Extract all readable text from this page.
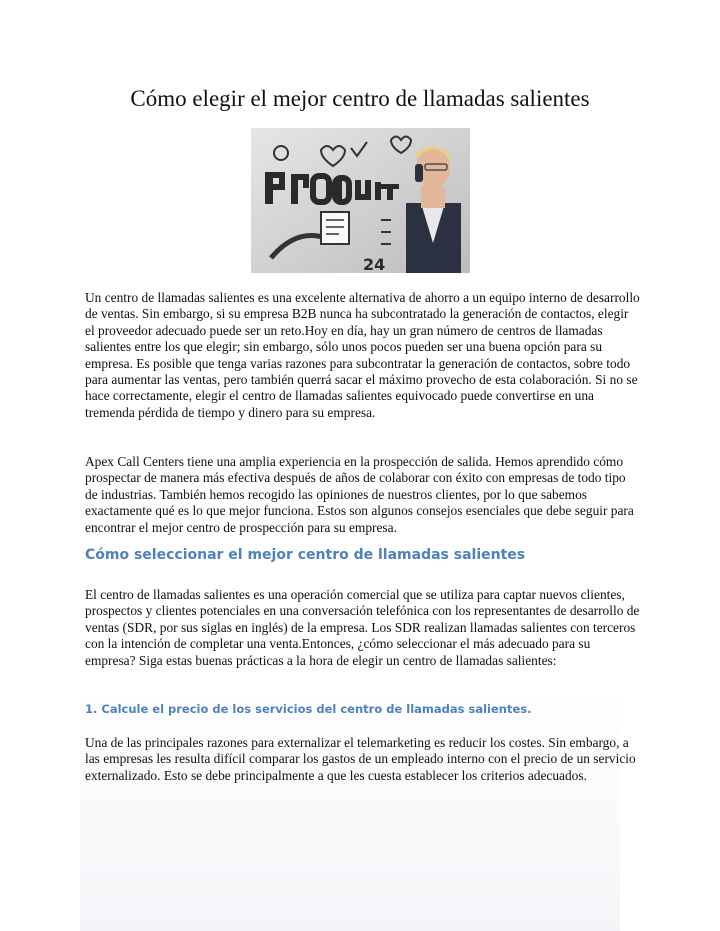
Cómo elegir el mejor centro de llamadas salientes
24

Un centro de llamadas salientes es una excelente alternativa de ahorro a un equipo interno de desarrollo de ventas. Sin embargo, si su empresa B2B nunca ha subcontratado la generación de contactos, elegir el proveedor adecuado puede ser un reto.Hoy en día, hay un gran número de centros de llamadas salientes entre los que elegir; sin embargo, sólo unos pocos pueden ser una buena opción para su empresa. Es posible que tenga varias razones para subcontratar la generación de contactos, sobre todo para aumentar las ventas, pero también querrá sacar el máximo provecho de esta colaboración. Si no se hace correctamente, elegir el centro de llamadas salientes equivocado puede convertirse en una tremenda pérdida de tiempo y dinero para su empresa.

Apex Call Centers tiene una amplia experiencia en la prospección de salida. Hemos aprendido cómo prospectar de manera más efectiva después de años de colaborar con éxito con empresas de todo tipo de industrias. También hemos recogido las opiniones de nuestros clientes, por lo que sabemos exactamente qué es lo que mejor funciona. Estos son algunos consejos esenciales que debe seguir para encontrar el mejor centro de prospección para su empresa.

Cómo seleccionar el mejor centro de llamadas salientes

El centro de llamadas salientes es una operación comercial que se utiliza para captar nuevos clientes, prospectos y clientes potenciales en una conversación telefónica con los representantes de desarrollo de ventas (SDR, por sus siglas en inglés) de la empresa. Los SDR realizan llamadas salientes con terceros con la intención de completar una venta.Entonces, ¿cómo seleccionar el más adecuado para su empresa? Siga estas buenas prácticas a la hora de elegir un centro de llamadas salientes:

1. Calcule el precio de los servicios del centro de llamadas salientes.

Una de las principales razones para externalizar el telemarketing es reducir los costes. Sin embargo, a las empresas les resulta difícil comparar los gastos de un empleado interno con el precio de un servicio externalizado. Esto se debe principalmente a que les cuesta establecer los criterios adecuados.
